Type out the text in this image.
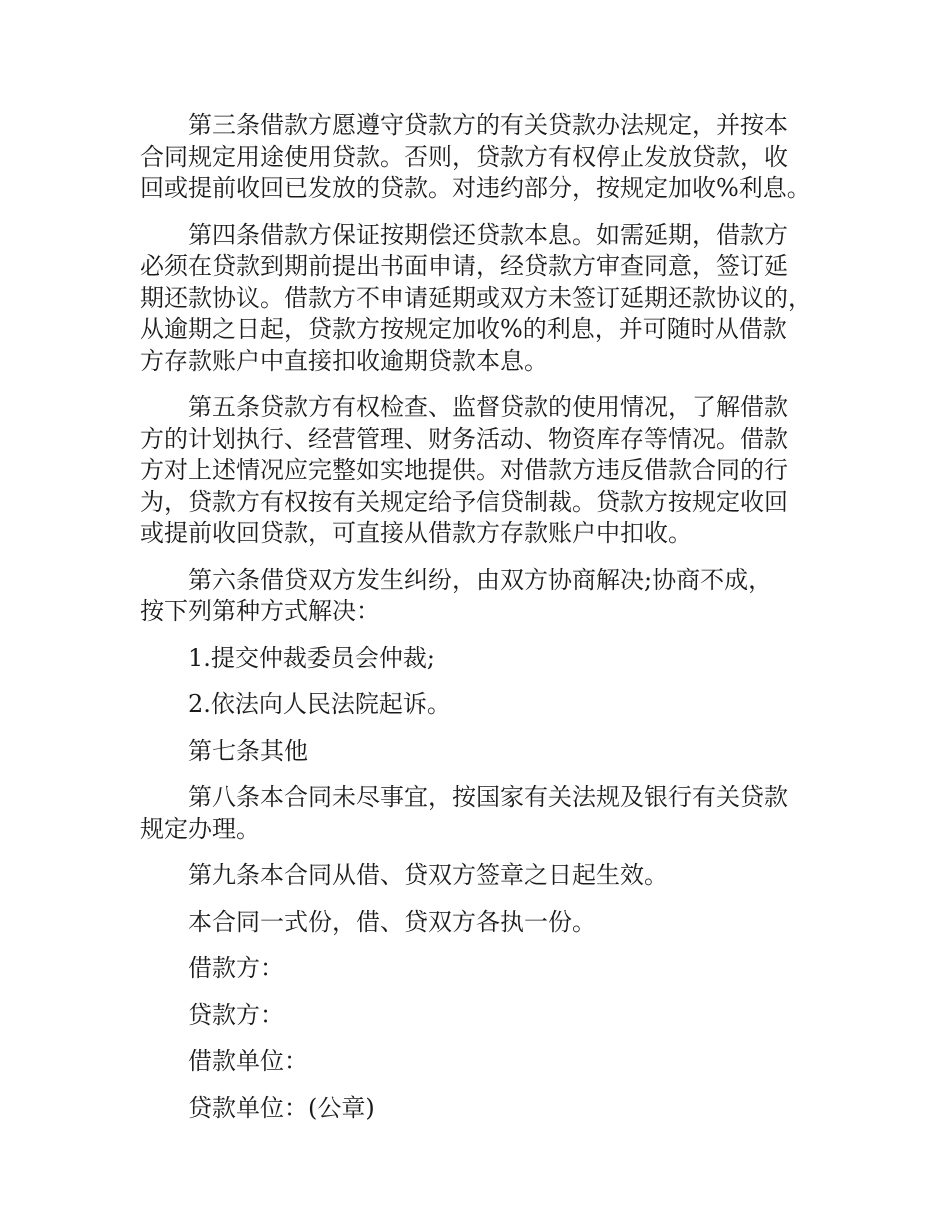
第三条借款方愿遵守贷款方的有关贷款办法规定，并按本
合同规定用途使用贷款。否则，贷款方有权停止发放贷款，收
回或提前收回已发放的贷款。对违约部分，按规定加收%利息。

第四条借款方保证按期偿还贷款本息。如需延期，借款方
必须在贷款到期前提出书面申请，经贷款方审查同意，签订延
期还款协议。借款方不申请延期或双方未签订延期还款协议的，
从逾期之日起，贷款方按规定加收%的利息，并可随时从借款
方存款账户中直接扣收逾期贷款本息。

第五条贷款方有权检查、监督贷款的使用情况，了解借款
方的计划执行、经营管理、财务活动、物资库存等情况。借款
方对上述情况应完整如实地提供。对借款方违反借款合同的行
为，贷款方有权按有关规定给予信贷制裁。贷款方按规定收回
或提前收回贷款，可直接从借款方存款账户中扣收。

第六条借贷双方发生纠纷，由双方协商解决;协商不成，
按下列第种方式解决：

1.提交仲裁委员会仲裁;

2.依法向人民法院起诉。

第七条其他

第八条本合同未尽事宜，按国家有关法规及银行有关贷款
规定办理。

第九条本合同从借、贷双方签章之日起生效。

本合同一式份，借、贷双方各执一份。

借款方：

贷款方：

借款单位：

贷款单位：(公章)
